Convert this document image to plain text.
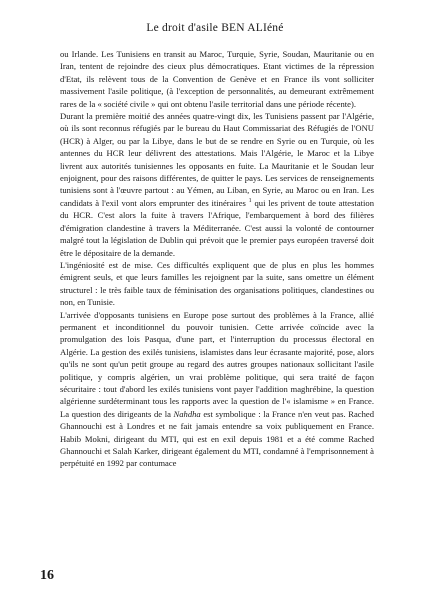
Le droit d'asile BEN ALIéné

ou Irlande. Les Tunisiens en transit au Maroc, Turquie, Syrie, Soudan, Mauritanie ou en Iran, tentent de rejoindre des cieux plus démocratiques. Etant victimes de la répression d'Etat, ils relèvent tous de la Convention de Genève et en France ils vont solliciter massivement l'asile politique, (à l'exception de personnalités, au demeurant extrêmement rares de la « société civile » qui ont obtenu l'asile territorial dans une période récente).

Durant la première moitié des années quatre-vingt dix, les Tunisiens passent par l'Algérie, où ils sont reconnus réfugiés par le bureau du Haut Commissariat des Réfugiés de l'ONU (HCR) à Alger, ou par la Libye, dans le but de se rendre en Syrie ou en Turquie, où les antennes du HCR leur délivrent des attestations. Mais l'Algérie, le Maroc et la Libye livrent aux autorités tunisiennes les opposants en fuite. La Mauritanie et le Soudan leur enjoignent, pour des raisons différentes, de quitter le pays. Les services de renseignements tunisiens sont à l'œuvre partout : au Yémen, au Liban, en Syrie, au Maroc ou en Iran. Les candidats à l'exil vont alors emprunter des itinéraires $^1$ qui les privent de toute attestation du HCR. C'est alors la fuite à travers l'Afrique, l'embarquement à bord des filières d'émigration clandestine à travers la Méditerranée. C'est aussi la volonté de contourner malgré tout la législation de Dublin qui prévoit que le premier pays européen traversé doit être le dépositaire de la demande.

L'ingéniosité est de mise. Ces difficultés expliquent que de plus en plus les hommes émigrent seuls, et que leurs familles les rejoignent par la suite, sans omettre un élément structurel : le très faible taux de féminisation des organisations politiques, clandestines ou non, en Tunisie.

L'arrivée d'opposants tunisiens en Europe pose surtout des problèmes à la France, allié permanent et inconditionnel du pouvoir tunisien. Cette arrivée coïncide avec la promulgation des lois Pasqua, d'une part, et l'interruption du processus électoral en Algérie. La gestion des exilés tunisiens, islamistes dans leur écrasante majorité, pose, alors qu'ils ne sont qu'un petit groupe au regard des autres groupes nationaux sollicitant l'asile politique, y compris algérien, un vrai problème politique, qui sera traité de façon sécuritaire : tout d'abord les exilés tunisiens vont payer l'addition maghrébine, la question algérienne surdéterminant tous les rapports avec la question de l'« islamisme » en France. La question des dirigeants de la Nahdha est symbolique : la France n'en veut pas. Rached Ghannouchi est à Londres et ne fait jamais entendre sa voix publiquement en France. Habib Mokni, dirigeant du MTI, qui est en exil depuis 1981 et a été comme Rached Ghannouchi et Salah Karker, dirigeant également du MTI, condamné à l'emprisonnement à perpétuité en 1992 par contumace

16
